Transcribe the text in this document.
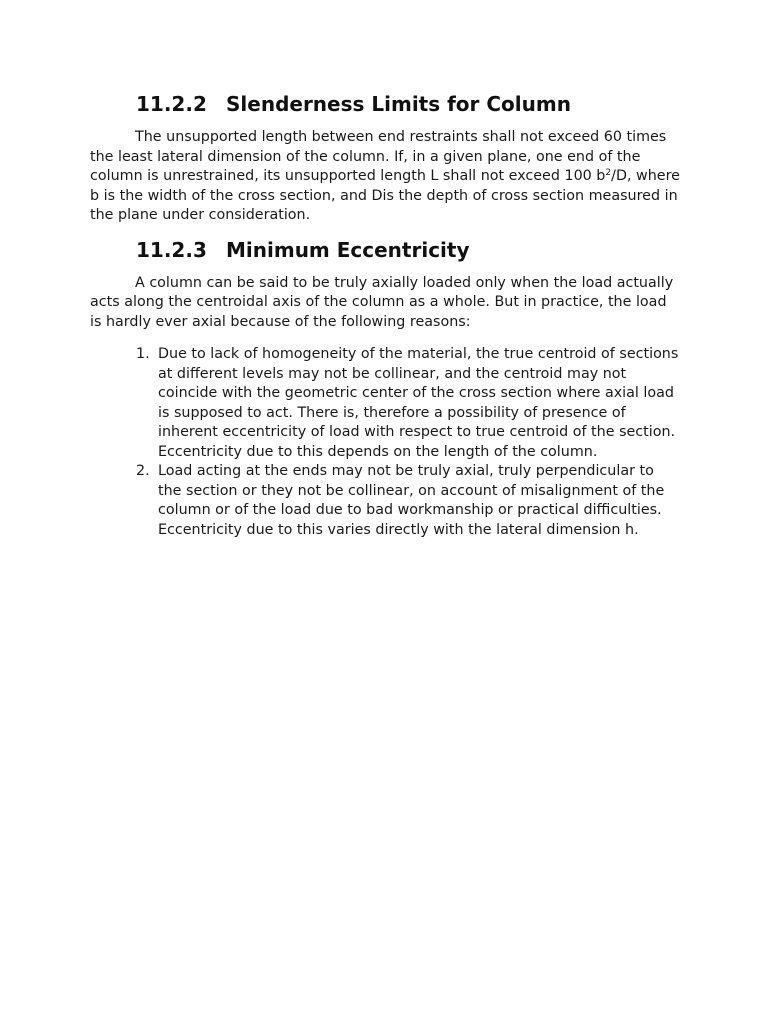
11.2.2 Slenderness Limits for Column

The unsupported length between end restraints shall not exceed 60 times the least lateral dimension of the column. If, in a given plane, one end of the column is unrestrained, its unsupported length L shall not exceed 100 $b^2/D$, where b is the width of the cross section, and Dis the depth of cross section measured in the plane under consideration.

11.2.3 Minimum Eccentricity

A column can be said to be truly axially loaded only when the load actually acts along the centroidal axis of the column as a whole. But in practice, the load is hardly ever axial because of the following reasons:

1. Due to lack of homogeneity of the material, the true centroid of sections at different levels may not be collinear, and the centroid may not coincide with the geometric center of the cross section where axial load is supposed to act. There is, therefore a possibility of presence of inherent eccentricity of load with respect to true centroid of the section. Eccentricity due to this depends on the length of the column.
2. Load acting at the ends may not be truly axial, truly perpendicular to the section or they not be collinear, on account of misalignment of the column or of the load due to bad workmanship or practical difficulties. Eccentricity due to this varies directly with the lateral dimension h.
